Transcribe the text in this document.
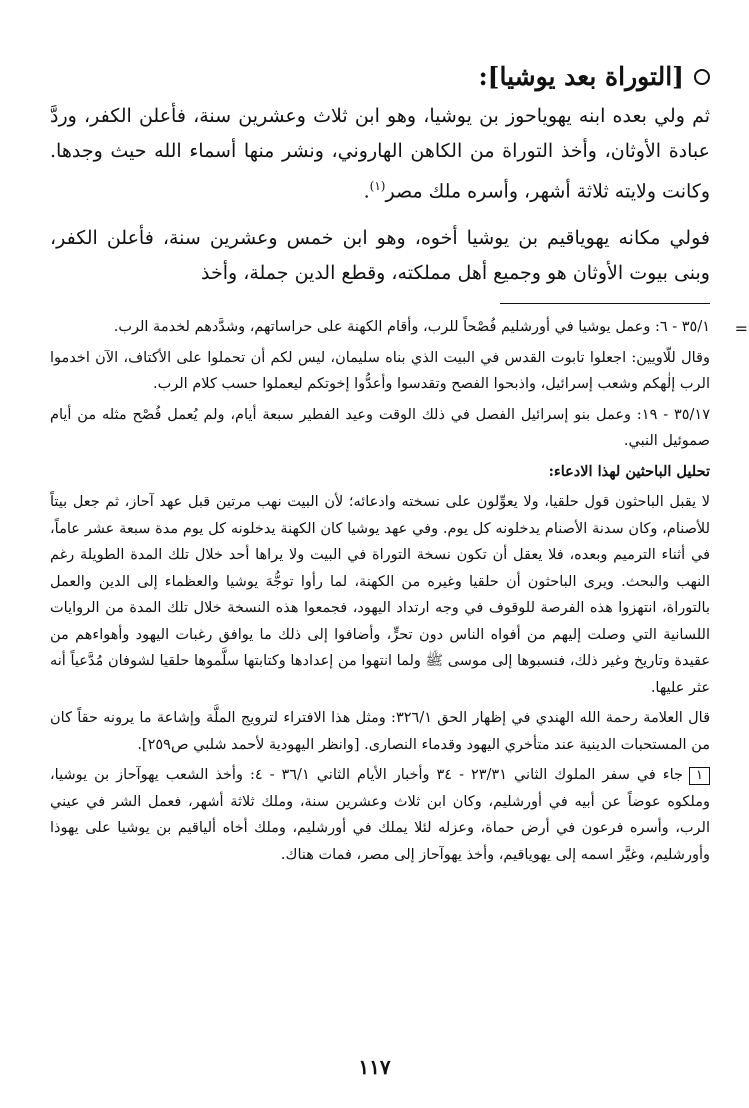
[التوراة بعد يوشيا]:

ثم ولي بعده ابنه يهوياحوز بن يوشيا، وهو ابن ثلاث وعشرين سنة، فأعلن الكفر، وردَّ عبادة الأوثان، وأخذ التوراة من الكاهن الهاروني، ونشر منها أسماء الله حيث وجدها. وكانت ولايته ثلاثة أشهر، وأسره ملك مصر$^{(١)}$.

فولي مكانه يهوياقيم بن يوشيا أخوه، وهو ابن خمس وعشرين سنة، فأعلن الكفر، وبنى بيوت الأوثان هو وجميع أهل مملكته، وقطع الدين جملة، وأخذ

=

٣٥/١ - ٦: وعمل يوشيا في أورشليم فُصْحاً للرب، وأقام الكهنة على حراساتهم، وشدَّدهم لخدمة الرب.

وقال للّاويين: اجعلوا تابوت القدس في البيت الذي بناه سليمان، ليس لكم أن تحملوا على الأكتاف، الآن اخدموا الرب إلٰهكم وشعب إسرائيل، واذبحوا الفصح وتقدسوا وأعدُّوا إخوتكم ليعملوا حسب كلام الرب.

٣٥/١٧ - ١٩: وعمل بنو إسرائيل الفصل في ذلك الوقت وعيد الفطير سبعة أيام، ولم يُعمل فُصْح مثله من أيام صموئيل النبي.

تحليل الباحثين لهذا الادعاء:

لا يقبل الباحثون قول حلقيا، ولا يعوِّلون على نسخته وادعائه؛ لأن البيت نهب مرتين قبل عهد آحاز، ثم جعل بيتاً للأصنام، وكان سدنة الأصنام يدخلونه كل يوم. وفي عهد يوشيا كان الكهنة يدخلونه كل يوم مدة سبعة عشر عاماً، في أثناء الترميم وبعده، فلا يعقل أن تكون نسخة التوراة في البيت ولا يراها أحد خلال تلك المدة الطويلة رغم النهب والبحث. ويرى الباحثون أن حلقيا وغيره من الكهنة، لما رأوا توجُّهَ يوشيا والعظماء إلى الدين والعمل بالتوراة، انتهزوا هذه الفرصة للوقوف في وجه ارتداد اليهود، فجمعوا هذه النسخة خلال تلك المدة من الروايات اللسانية التي وصلت إليهم من أفواه الناس دون تحرٍّ، وأضافوا إلى ذلك ما يوافق رغبات اليهود وأهواءهم من عقيدة وتاريخ وغير ذلك، فنسبوها إلى موسى ﷺ ولما انتهوا من إعدادها وكتابتها سلَّموها حلقيا لشوفان مُدَّعياً أنه عثر عليها.

قال العلامة رحمة الله الهندي في إظهار الحق ٣٢٦/١: ومثل هذا الافتراء لترويج الملَّة وإشاعة ما يرونه حقاً كان من المستحبات الدينية عند متأخري اليهود وقدماء النصارى. [وانظر اليهودية لأحمد شلبي ص٢٥٩].

١جاء في سفر الملوك الثاني ٢٣/٣١ - ٣٤ وأخبار الأيام الثاني ٣٦/١ - ٤: وأخذ الشعب يهوآحاز بن يوشيا، وملكوه عوضاً عن أبيه في أورشليم، وكان ابن ثلاث وعشرين سنة، وملك ثلاثة أشهر، فعمل الشر في عيني الرب، وأسره فرعون في أرض حماة، وعزله لئلا يملك في أورشليم، وملك أخاه ألياقيم بن يوشيا على يهوذا وأورشليم، وغيَّر اسمه إلى يهوياقيم، وأخذ يهوآحاز إلى مصر، فمات هناك.

١١٧
